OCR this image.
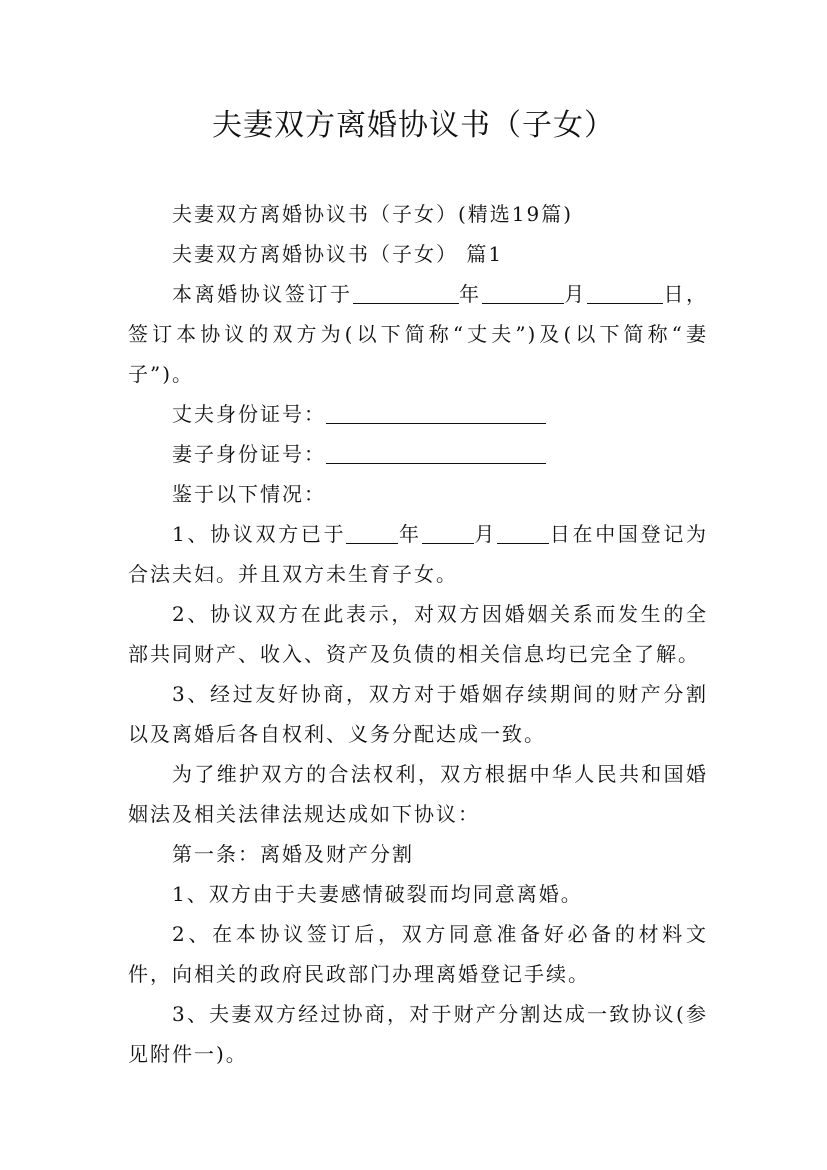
夫妻双方离婚协议书（子女）

夫妻双方离婚协议书（子女）(精选19篇)

夫妻双方离婚协议书（子女） 篇1

本离婚协议签订于	年	月	日，签订本协议的双方为(以下简称“丈夫”)及(以下简称“妻子”)。

丈夫身份证号：

妻子身份证号：

鉴于以下情况：

1、协议双方已于	年	月	日在中国登记为合法夫妇。并且双方未生育子女。

2、协议双方在此表示，对双方因婚姻关系而发生的全部共同财产、收入、资产及负债的相关信息均已完全了解。

3、经过友好协商，双方对于婚姻存续期间的财产分割以及离婚后各自权利、义务分配达成一致。

为了维护双方的合法权利，双方根据中华人民共和国婚姻法及相关法律法规达成如下协议：

第一条：离婚及财产分割

1、双方由于夫妻感情破裂而均同意离婚。

2、在本协议签订后，双方同意准备好必备的材料文件，向相关的政府民政部门办理离婚登记手续。

3、夫妻双方经过协商，对于财产分割达成一致协议(参见附件一)。
